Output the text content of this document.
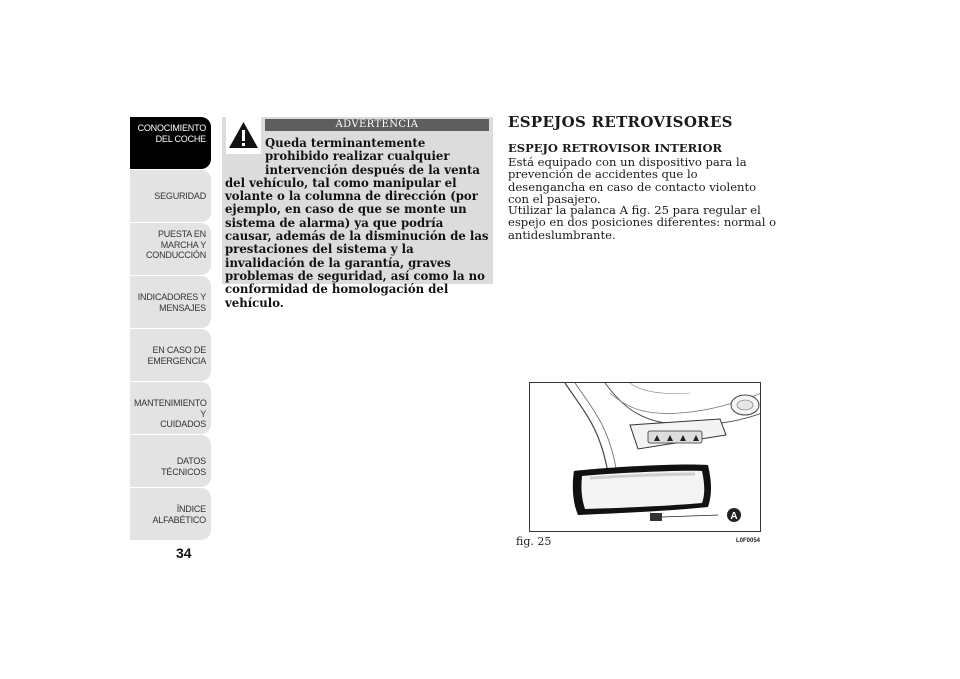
CONOCIMIENTO
DEL COCHE
SEGURIDAD
PUESTA EN
MARCHA Y
CONDUCCIÓN
INDICADORES Y
MENSAJES
EN CASO DE
EMERGENCIA
MANTENIMIENTO Y
CUIDADOS
DATOS TÉCNICOS
ÍNDICE
ALFABÉTICO
34
ADVERTENCIA
Queda terminantemente prohibido realizar cualquier intervención después de la venta del vehículo, tal como manipular el volante o la columna de dirección (por ejemplo, en caso de que se monte un sistema de alarma) ya que podría causar, además de la disminución de las prestaciones del sistema y la invalidación de la garantía, graves problemas de seguridad, así como la no conformidad de homologación del vehículo.
ESPEJOS RETROVISORES
ESPEJO RETROVISOR INTERIOR
Está equipado con un dispositivo para la prevención de accidentes que lo desengancha en caso de contacto violento con el pasajero.
Utilizar la palanca A fig. 25 para regular el espejo en dos posiciones diferentes: normal o antideslumbrante.
A
fig. 25	L0F0054
